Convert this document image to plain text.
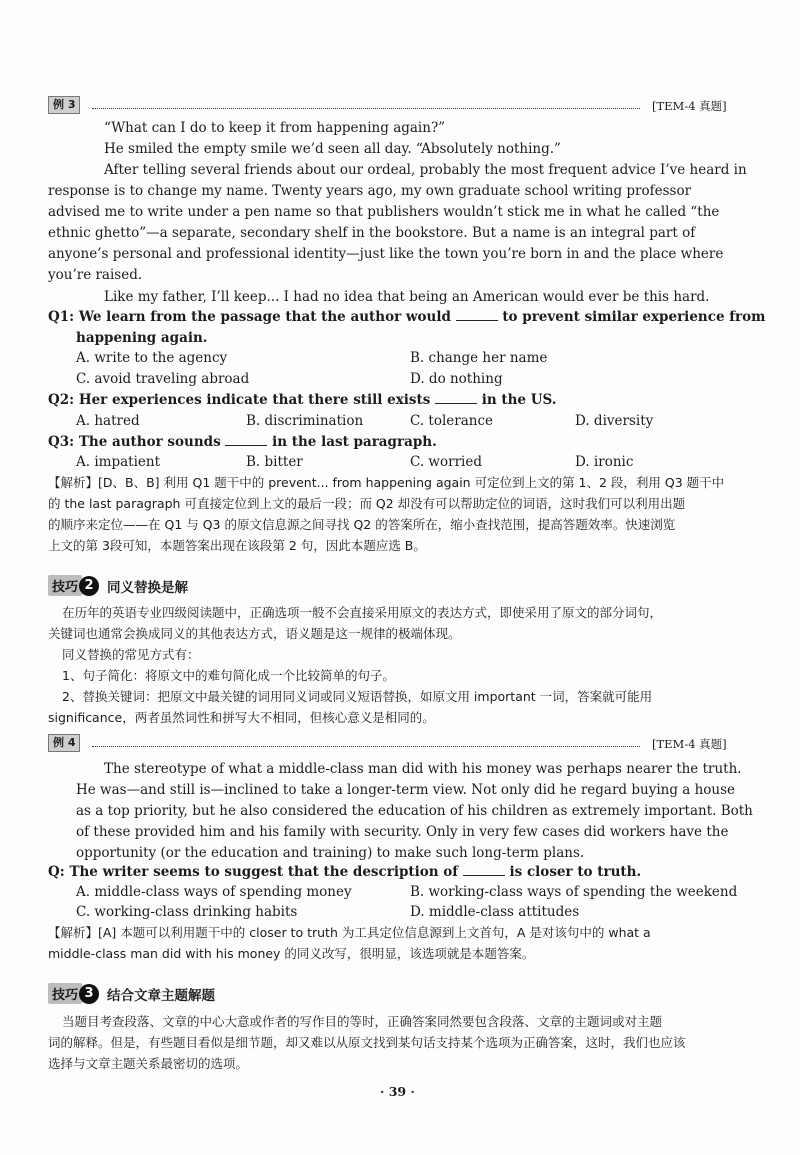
例 3	[TEM-4 真题]
“What can I do to keep it from happening again?”
He smiled the empty smile we’d seen all day. “Absolutely nothing.”
After telling several friends about our ordeal, probably the most frequent advice I’ve heard in
response is to change my name. Twenty years ago, my own graduate school writing professor
advised me to write under a pen name so that publishers wouldn’t stick me in what he called “the
ethnic ghetto”—a separate, secondary shelf in the bookstore. But a name is an integral part of
anyone’s personal and professional identity—just like the town you’re born in and the place where
you’re raised.
Like my father, I’ll keep... I had no idea that being an American would ever be this hard.
Q1: We learn from the passage that the author would	to prevent similar experience from
happening again.
A. write to the agency	B. change her name
C. avoid traveling abroad	D. do nothing
Q2: Her experiences indicate that there still exists	in the US.
A. hatred	B. discrimination	C. tolerance	D. diversity
Q3: The author sounds	in the last paragraph.
A. impatient	B. bitter	C. worried	D. ironic
【解析】[D、B、B] 利用 Q1 题干中的 prevent... from happening again 可定位到上文的第 1、2 段，利用 Q3 题干中
的 the last paragraph 可直接定位到上文的最后一段；而 Q2 却没有可以帮助定位的词语，这时我们可以利用出题
的顺序来定位——在 Q1 与 Q3 的原文信息源之间寻找 Q2 的答案所在，缩小查找范围，提高答题效率。快速浏览
上文的第 3段可知，本题答案出现在该段第 2 句，因此本题应选 B。
技巧 2 同义替换是解
在历年的英语专业四级阅读题中，正确选项一般不会直接采用原文的表达方式，即使采用了原文的部分词句，
关键词也通常会换成同义的其他表达方式，语义题是这一规律的极端体现。
同义替换的常见方式有：
1、句子简化：将原文中的难句简化成一个比较简单的句子。
2、替换关键词：把原文中最关键的词用同义词或同义短语替换，如原文用 important 一词，答案就可能用
significance，两者虽然词性和拼写大不相同，但核心意义是相同的。
例 4	[TEM-4 真题]
The stereotype of what a middle-class man did with his money was perhaps nearer the truth.
He was—and still is—inclined to take a longer-term view. Not only did he regard buying a house
as a top priority, but he also considered the education of his children as extremely important. Both
of these provided him and his family with security. Only in very few cases did workers have the
opportunity (or the education and training) to make such long-term plans.
Q: The writer seems to suggest that the description of	is closer to truth.
A. middle-class ways of spending money	B. working-class ways of spending the weekend
C. working-class drinking habits	D. middle-class attitudes
【解析】[A] 本题可以利用题干中的 closer to truth 为工具定位信息源到上文首句，A 是对该句中的 what a
middle-class man did with his money 的同义改写，很明显，该选项就是本题答案。
技巧 3 结合文章主题解题
当题目考查段落、文章的中心大意或作者的写作目的等时，正确答案同然要包含段落、文章的主题词或对主题
词的解释。但是，有些题目看似是细节题，却又难以从原文找到某句话支持某个选项为正确答案，这时，我们也应该
选择与文章主题关系最密切的选项。
· 39 ·
